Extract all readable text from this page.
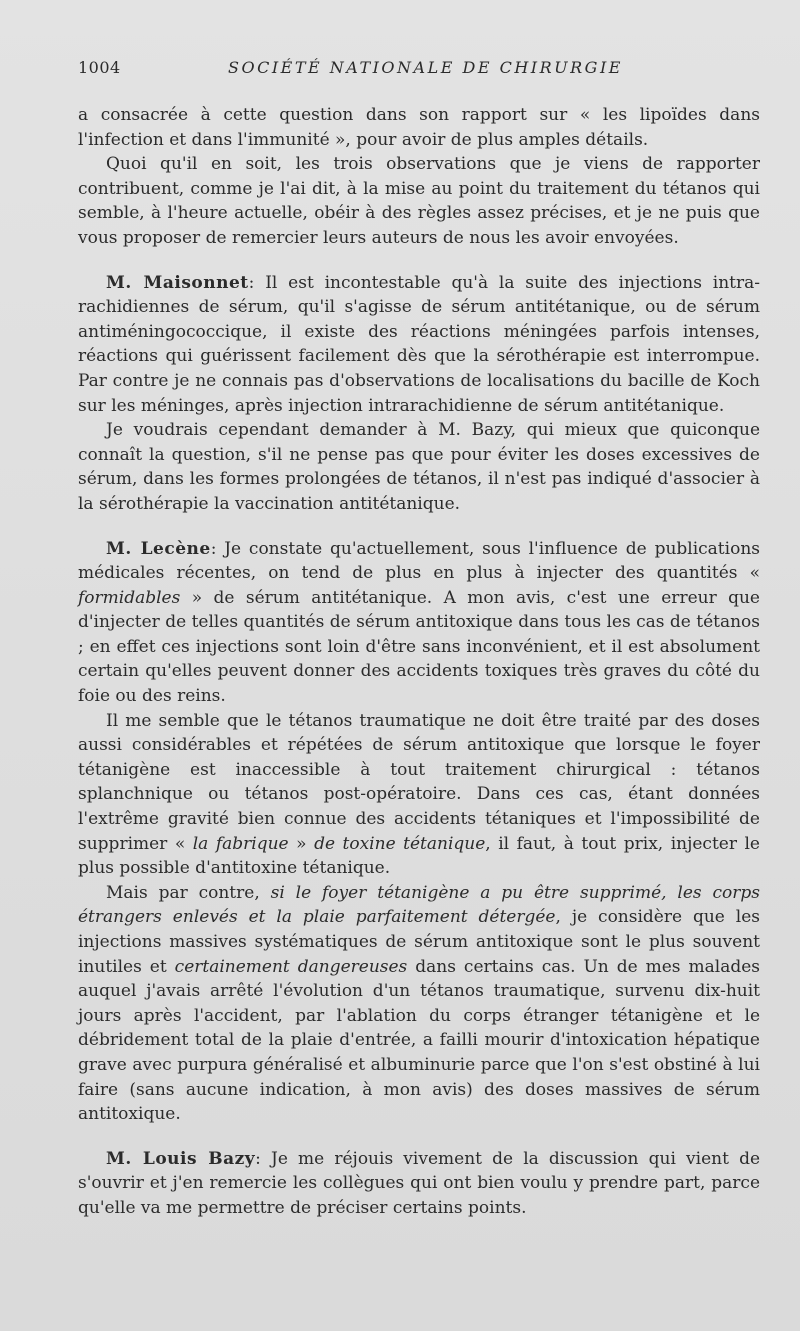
1004	SOCIÉTÉ NATIONALE DE CHIRURGIE

a consacrée à cette question dans son rapport sur « les lipoïdes dans l'infection et dans l'immunité », pour avoir de plus amples détails.

Quoi qu'il en soit, les trois observations que je viens de rapporter contribuent, comme je l'ai dit, à la mise au point du traitement du tétanos qui semble, à l'heure actuelle, obéir à des règles assez précises, et je ne puis que vous proposer de remercier leurs auteurs de nous les avoir envoyées.

M. Maisonnet: Il est incontestable qu'à la suite des injections intra-rachidiennes de sérum, qu'il s'agisse de sérum antitétanique, ou de sérum antiméningococcique, il existe des réactions méningées parfois intenses, réactions qui guérissent facilement dès que la sérothérapie est interrompue. Par contre je ne connais pas d'observations de localisations du bacille de Koch sur les méninges, après injection intrarachidienne de sérum antitétanique.

Je voudrais cependant demander à M. Bazy, qui mieux que quiconque connaît la question, s'il ne pense pas que pour éviter les doses excessives de sérum, dans les formes prolongées de tétanos, il n'est pas indiqué d'associer à la sérothérapie la vaccination antitétanique.

M. Lecène: Je constate qu'actuellement, sous l'influence de publications médicales récentes, on tend de plus en plus à injecter des quantités « formidables » de sérum antitétanique. A mon avis, c'est une erreur que d'injecter de telles quantités de sérum antitoxique dans tous les cas de tétanos ; en effet ces injections sont loin d'être sans inconvénient, et il est absolument certain qu'elles peuvent donner des accidents toxiques très graves du côté du foie ou des reins.

Il me semble que le tétanos traumatique ne doit être traité par des doses aussi considérables et répétées de sérum antitoxique que lorsque le foyer tétanigène est inaccessible à tout traitement chirurgical : tétanos splanchnique ou tétanos post-opératoire. Dans ces cas, étant données l'extrême gravité bien connue des accidents tétaniques et l'impossibilité de supprimer « la fabrique » de toxine tétanique, il faut, à tout prix, injecter le plus possible d'antitoxine tétanique.

Mais par contre, si le foyer tétanigène a pu être supprimé, les corps étrangers enlevés et la plaie parfaitement détergée, je considère que les injections massives systématiques de sérum antitoxique sont le plus souvent inutiles et certainement dangereuses dans certains cas. Un de mes malades auquel j'avais arrêté l'évolution d'un tétanos traumatique, survenu dix-huit jours après l'accident, par l'ablation du corps étranger tétanigène et le débridement total de la plaie d'entrée, a failli mourir d'intoxication hépatique grave avec purpura généralisé et albuminurie parce que l'on s'est obstiné à lui faire (sans aucune indication, à mon avis) des doses massives de sérum antitoxique.

M. Louis Bazy: Je me réjouis vivement de la discussion qui vient de s'ouvrir et j'en remercie les collègues qui ont bien voulu y prendre part, parce qu'elle va me permettre de préciser certains points.
